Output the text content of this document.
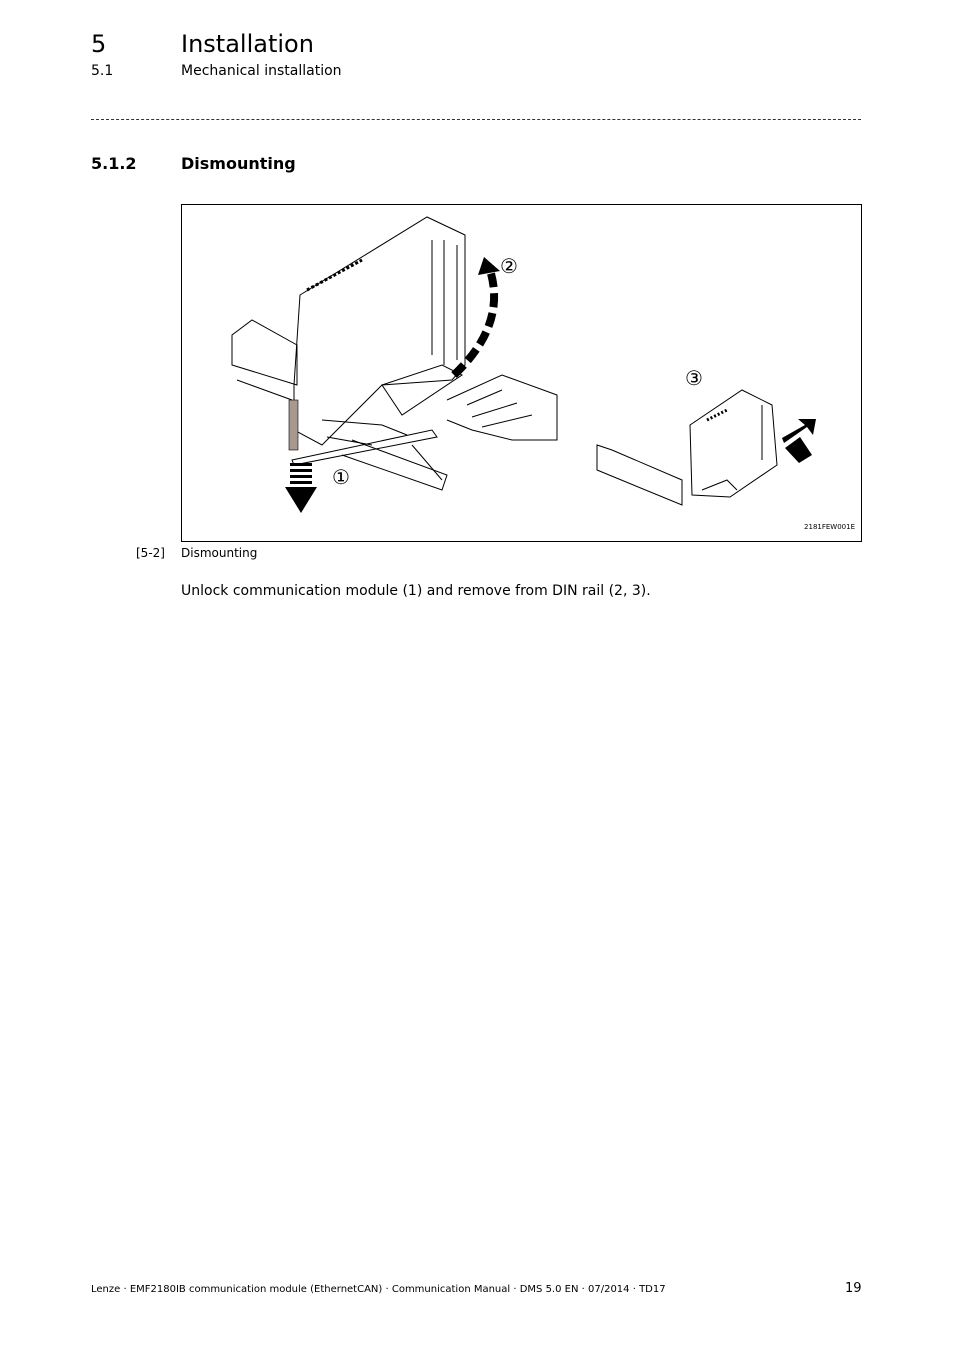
5	Installation
5.1	Mechanical installation
5.1.2	Dismounting
①
②
③
2181FEW001E
[5-2] Dismounting
Unlock communication module (1) and remove from DIN rail (2, 3).
Lenze · EMF2180IB communication module (EthernetCAN) · Communication Manual · DMS 5.0 EN · 07/2014 · TD17	19
